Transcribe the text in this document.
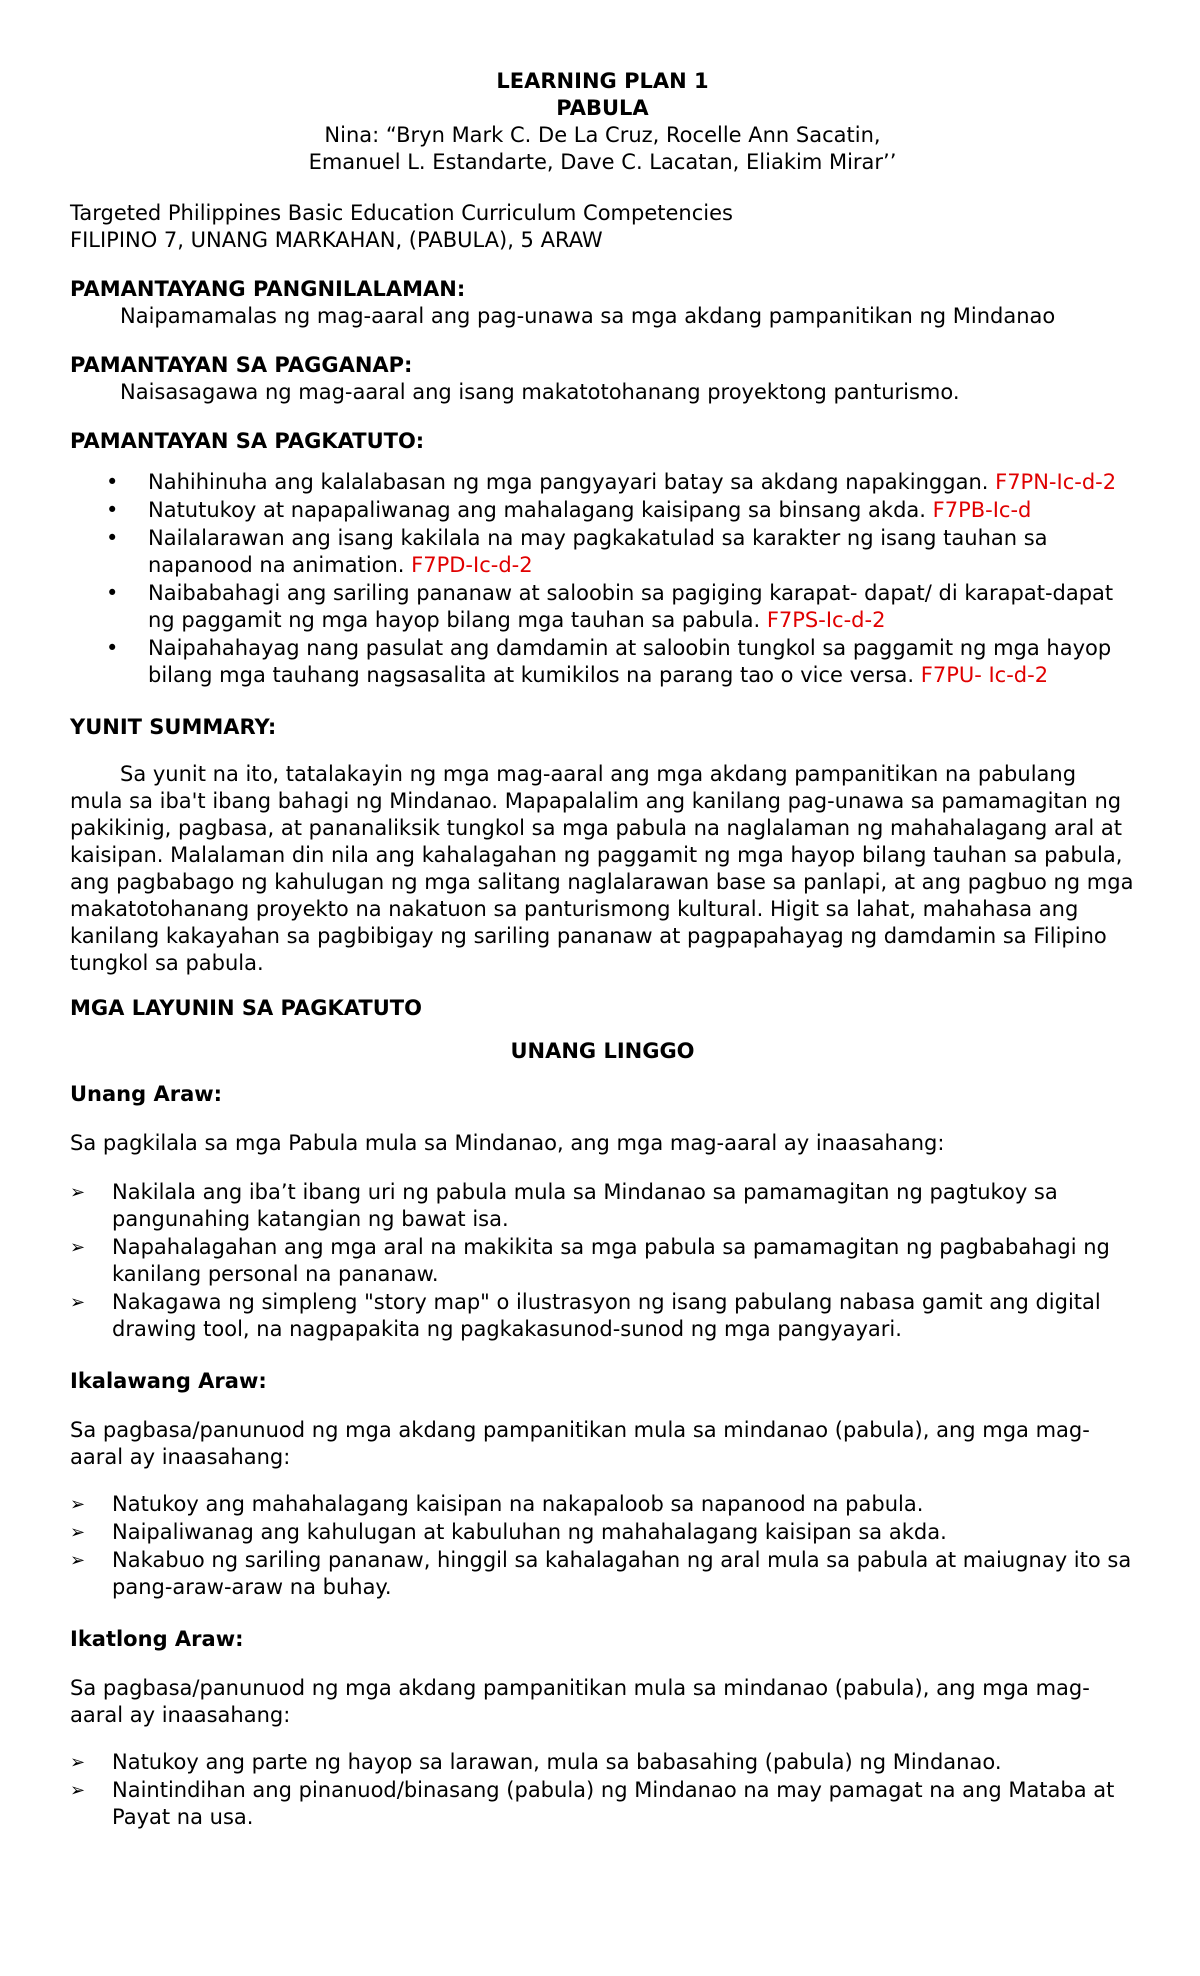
LEARNING PLAN 1
PABULA
Nina: “Bryn Mark C. De La Cruz, Rocelle Ann Sacatin,
Emanuel L. Estandarte, Dave C. Lacatan, Eliakim Mirar’’
Targeted Philippines Basic Education Curriculum Competencies
FILIPINO 7, UNANG MARKAHAN, (PABULA), 5 ARAW
PAMANTAYANG PANGNILALAMAN:
Naipamamalas ng mag-aaral ang pag-unawa sa mga akdang pampanitikan ng Mindanao
PAMANTAYAN SA PAGGANAP:
Naisasagawa ng mag-aaral ang isang makatotohanang proyektong panturismo.
PAMANTAYAN SA PAGKATUTO:
• Nahihinuha ang kalalabasan ng mga pangyayari batay sa akdang napakinggan. F7PN-Ic-d-2
• Natutukoy at napapaliwanag ang mahalagang kaisipang sa binsang akda. F7PB-Ic-d
• Nailalarawan ang isang kakilala na may pagkakatulad sa karakter ng isang tauhan sa napanood na animation. F7PD-Ic-d-2
• Naibabahagi ang sariling pananaw at saloobin sa pagiging karapat- dapat/ di karapat-dapat ng paggamit ng mga hayop bilang mga tauhan sa pabula. F7PS-Ic-d-2
• Naipahahayag nang pasulat ang damdamin at saloobin tungkol sa paggamit ng mga hayop bilang mga tauhang nagsasalita at kumikilos na parang tao o vice versa. F7PU- Ic-d-2
YUNIT SUMMARY:
Sa yunit na ito, tatalakayin ng mga mag-aaral ang mga akdang pampanitikan na pabulang mula sa iba't ibang bahagi ng Mindanao. Mapapalalim ang kanilang pag-unawa sa pamamagitan ng pakikinig, pagbasa, at pananaliksik tungkol sa mga pabula na naglalaman ng mahahalagang aral at kaisipan. Malalaman din nila ang kahalagahan ng paggamit ng mga hayop bilang tauhan sa pabula, ang pagbabago ng kahulugan ng mga salitang naglalarawan base sa panlapi, at ang pagbuo ng mga makatotohanang proyekto na nakatuon sa panturismong kultural. Higit sa lahat, mahahasa ang kanilang kakayahan sa pagbibigay ng sariling pananaw at pagpapahayag ng damdamin sa Filipino tungkol sa pabula.
MGA LAYUNIN SA PAGKATUTO
UNANG LINGGO
Unang Araw:
Sa pagkilala sa mga Pabula mula sa Mindanao, ang mga mag-aaral ay inaasahang:
➢ Nakilala ang iba’t ibang uri ng pabula mula sa Mindanao sa pamamagitan ng pagtukoy sa pangunahing katangian ng bawat isa.
➢ Napahalagahan ang mga aral na makikita sa mga pabula sa pamamagitan ng pagbabahagi ng kanilang personal na pananaw.
➢ Nakagawa ng simpleng "story map" o ilustrasyon ng isang pabulang nabasa gamit ang digital drawing tool, na nagpapakita ng pagkakasunod-sunod ng mga pangyayari.
Ikalawang Araw:
Sa pagbasa/panunuod ng mga akdang pampanitikan mula sa mindanao (pabula), ang mga mag-aaral ay inaasahang:
➢ Natukoy ang mahahalagang kaisipan na nakapaloob sa napanood na pabula.
➢ Naipaliwanag ang kahulugan at kabuluhan ng mahahalagang kaisipan sa akda.
➢ Nakabuo ng sariling pananaw, hinggil sa kahalagahan ng aral mula sa pabula at maiugnay ito sa pang-araw-araw na buhay.
Ikatlong Araw:
Sa pagbasa/panunuod ng mga akdang pampanitikan mula sa mindanao (pabula), ang mga mag-aaral ay inaasahang:
➢ Natukoy ang parte ng hayop sa larawan, mula sa babasahing (pabula) ng Mindanao.
➢ Naintindihan ang pinanuod/binasang (pabula) ng Mindanao na may pamagat na ang Mataba at Payat na usa.
